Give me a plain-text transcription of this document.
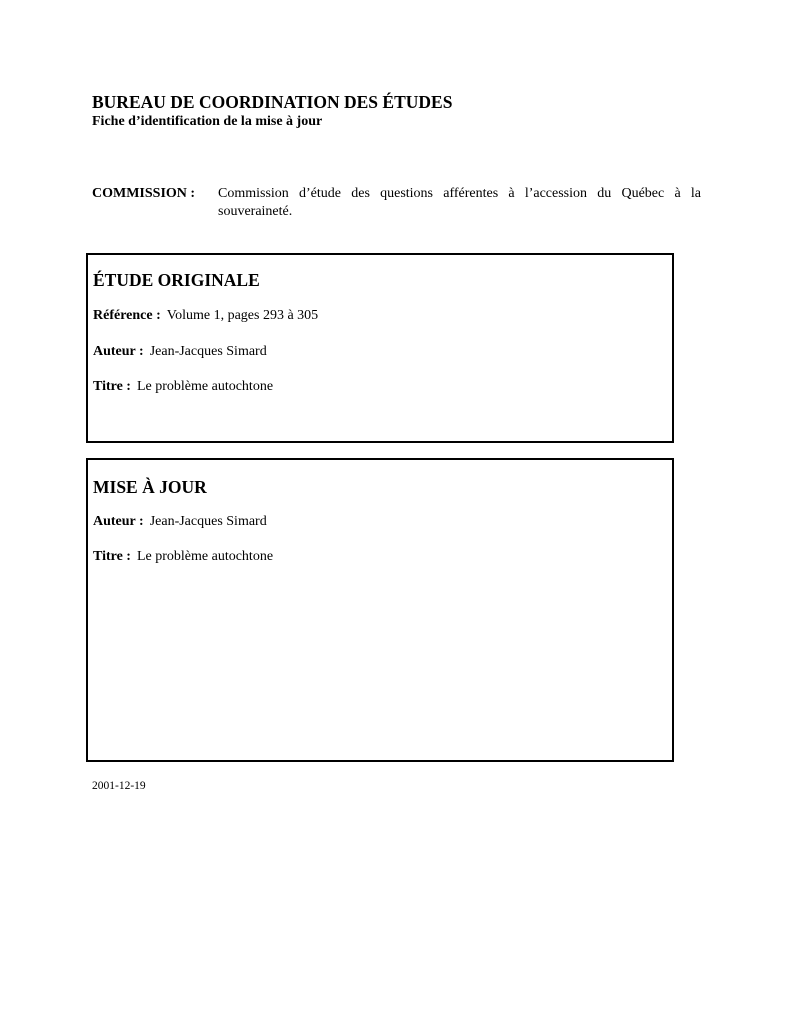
BUREAU DE COORDINATION DES ÉTUDES
Fiche d’identification de la mise à jour
COMMISSION : Commission d’étude des questions afférentes à l’accession du Québec à la souveraineté.
ÉTUDE ORIGINALE
Référence : Volume 1, pages 293 à 305
Auteur : Jean-Jacques Simard
Titre : Le problème autochtone
MISE À JOUR
Auteur : Jean-Jacques Simard
Titre : Le problème autochtone
2001-12-19
